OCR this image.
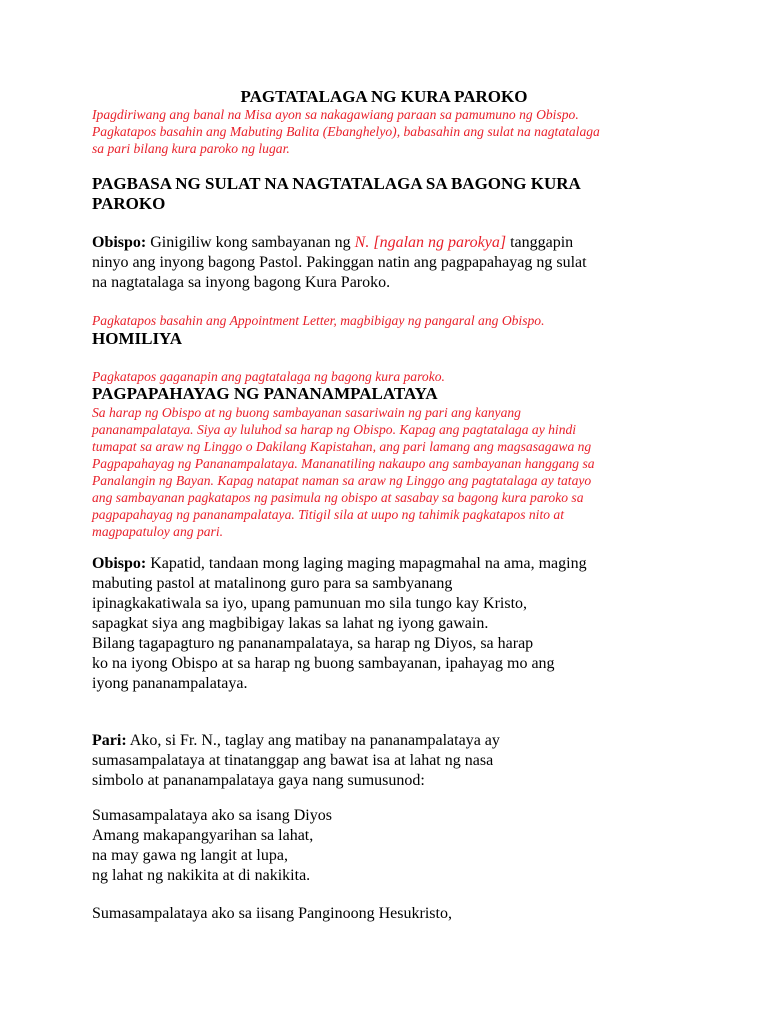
PAGTATALAGA NG KURA PAROKO
Ipagdiriwang ang banal na Misa ayon sa nakagawiang paraan sa pamumuno ng Obispo.
Pagkatapos basahin ang Mabuting Balita (Ebanghelyo), babasahin ang sulat na nagtatalaga
sa pari bilang kura paroko ng lugar.
PAGBASA NG SULAT NA NAGTATALAGA SA BAGONG KURA
PAROKO
Obispo: Ginigiliw kong sambayanan ng N. [ngalan ng parokya] tanggapin
ninyo ang inyong bagong Pastol. Pakinggan natin ang pagpapahayag ng sulat
na nagtatalaga sa inyong bagong Kura Paroko.
Pagkatapos basahin ang Appointment Letter, magbibigay ng pangaral ang Obispo.
HOMILIYA
Pagkatapos gaganapin ang pagtatalaga ng bagong kura paroko.
PAGPAPAHAYAG NG PANANAMPALATAYA
Sa harap ng Obispo at ng buong sambayanan sasariwain ng pari ang kanyang
pananampalataya. Siya ay luluhod sa harap ng Obispo. Kapag ang pagtatalaga ay hindi
tumapat sa araw ng Linggo o Dakilang Kapistahan, ang pari lamang ang magsasagawa ng
Pagpapahayag ng Pananampalataya. Mananatiling nakaupo ang sambayanan hanggang sa
Panalangin ng Bayan. Kapag natapat naman sa araw ng Linggo ang pagtatalaga ay tatayo
ang sambayanan pagkatapos ng pasimula ng obispo at sasabay sa bagong kura paroko sa
pagpapahayag ng pananampalataya. Titigil sila at uupo ng tahimik pagkatapos nito at
magpapatuloy ang pari.
Obispo: Kapatid, tandaan mong laging maging mapagmahal na ama, maging
mabuting pastol at matalinong guro para sa sambyanang
ipinagkakatiwala sa iyo, upang pamunuan mo sila tungo kay Kristo,
sapagkat siya ang magbibigay lakas sa lahat ng iyong gawain.
Bilang tagapagturo ng pananampalataya, sa harap ng Diyos, sa harap
ko na iyong Obispo at sa harap ng buong sambayanan, ipahayag mo ang
iyong pananampalataya.
Pari: Ako, si Fr. N., taglay ang matibay na pananampalataya ay
sumasampalataya at tinatanggap ang bawat isa at lahat ng nasa
simbolo at pananampalataya gaya nang sumusunod:
Sumasampalataya ako sa isang Diyos
Amang makapangyarihan sa lahat,
na may gawa ng langit at lupa,
ng lahat ng nakikita at di nakikita.
Sumasampalataya ako sa iisang Panginoong Hesukristo,
